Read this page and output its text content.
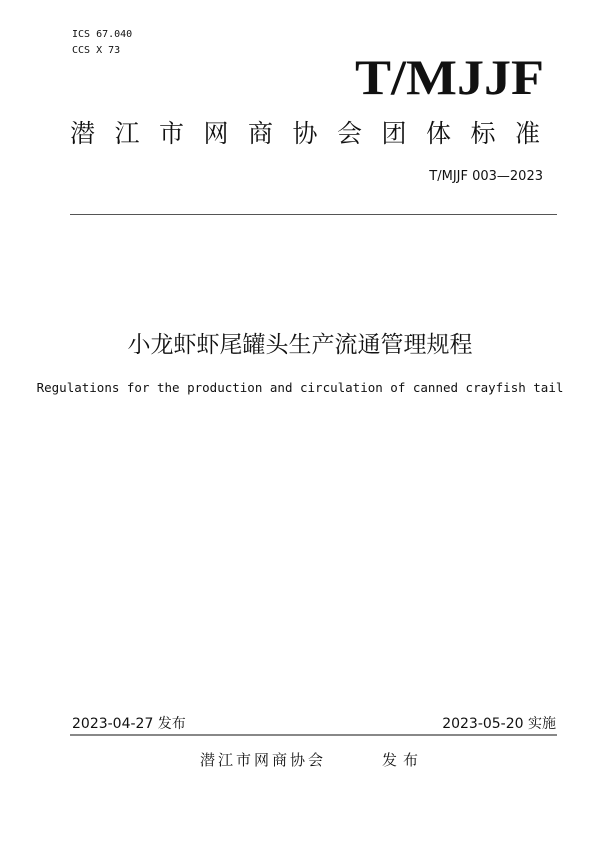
ICS 67.040
CCS X 73	T/MJJF
潜江市网商协会团体标准
T/MJJF 003—2023
小龙虾虾尾罐头生产流通管理规程
Regulations for the production and circulation of canned crayfish tail
2023-04-27 发布	2023-05-20 实施
潜江市网商协会	发布
